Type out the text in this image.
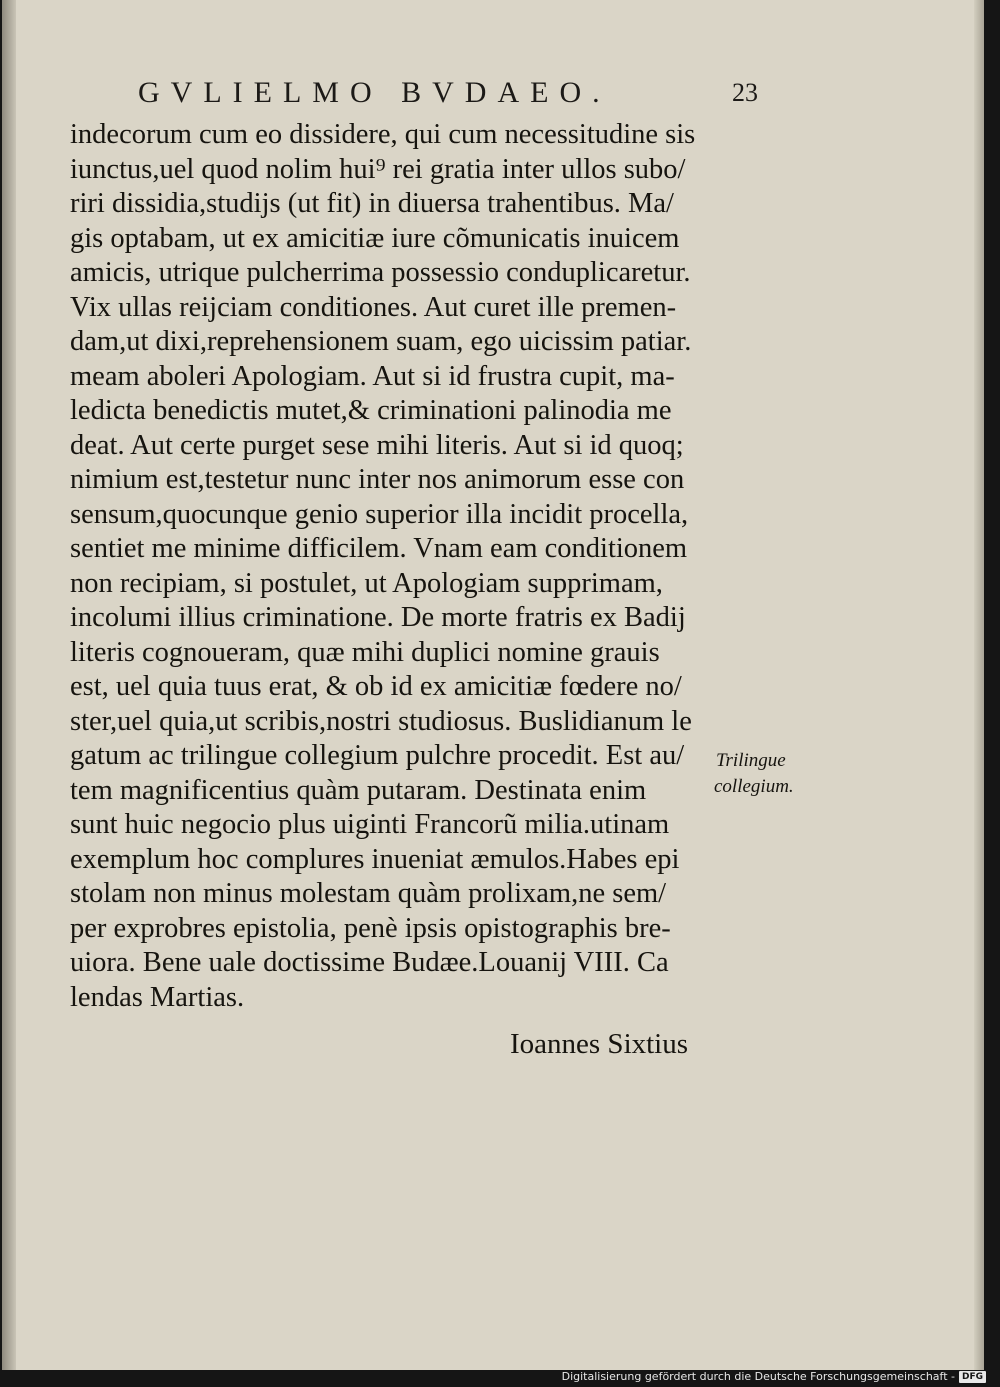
GVLIELMO BVDAEO.	23
indecorum cum eo dissidere, qui cum necessitudine sis
iunctus,uel quod nolim hui⁹ rei gratia inter ullos subo/
riri dissidia,studijs (ut fit) in diuersa trahentibus. Ma/
gis optabam, ut ex amicitiæ iure cõmunicatis inuicem
amicis, utrique pulcherrima possessio conduplicaretur.
Vix ullas reijciam conditiones. Aut curet ille premen-
dam,ut dixi,reprehensionem suam, ego uicissim patiar.
meam aboleri Apologiam. Aut si id frustra cupit, ma-
ledicta benedictis mutet,& criminationi palinodia me
deat. Aut certe purget sese mihi literis. Aut si id quoq;
nimium est,testetur nunc inter nos animorum esse con
sensum,quocunque genio superior illa incidit procella,
sentiet me minime difficilem. Vnam eam conditionem
non recipiam, si postulet, ut Apologiam supprimam,
incolumi illius criminatione. De morte fratris ex Badij
literis cognoueram, quæ mihi duplici nomine grauis
est, uel quia tuus erat, & ob id ex amicitiæ fœdere no/
ster,uel quia,ut scribis,nostri studiosus. Buslidianum le
gatum ac trilingue collegium pulchre procedit. Est au/
tem magnificentius quàm putaram. Destinata enim
sunt huic negocio plus uiginti Francorũ milia.utinam
exemplum hoc complures inueniat æmulos.Habes epi
stolam non minus molestam quàm prolixam,ne sem/
per exprobres epistolia, penè ipsis opistographis bre-
uiora. Bene uale doctissime Budæe.Louanij VIII. Ca
lendas Martias.
Trilingue
collegium.
Ioannes Sixtius
Digitalisierung gefördert durch die Deutsche Forschungsgemeinschaft - DFG
